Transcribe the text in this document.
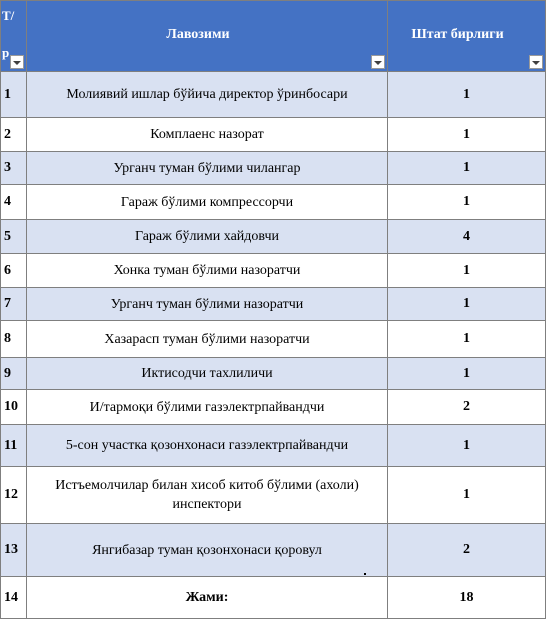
Т/р	Лавозими	Штат бирлиги

1	Молиявий ишлар бўйича директор ўринбосари	1
2	Комплаенс назорат	1
3	Урганч туман бўлими чилангар	1
4	Гараж бўлими компрессорчи	1
5	Гараж бўлими хайдовчи	4
6	Хонка туман бўлими назоратчи	1
7	Урганч туман бўлими назоратчи	1
8	Хазарасп туман бўлими назоратчи	1
9	Иктисодчи тахлиличи	1
10	И/тармоқи бўлими газэлектрпайвандчи	2
11	5-сон участка қозонхонаси газэлектрпайвандчи	1
12	Истъемолчилар билан хисоб китоб бўлими (ахоли) инспектори	1
13	Янгибазар туман қозонхонаси қоровул	2
14	Жами:	18
